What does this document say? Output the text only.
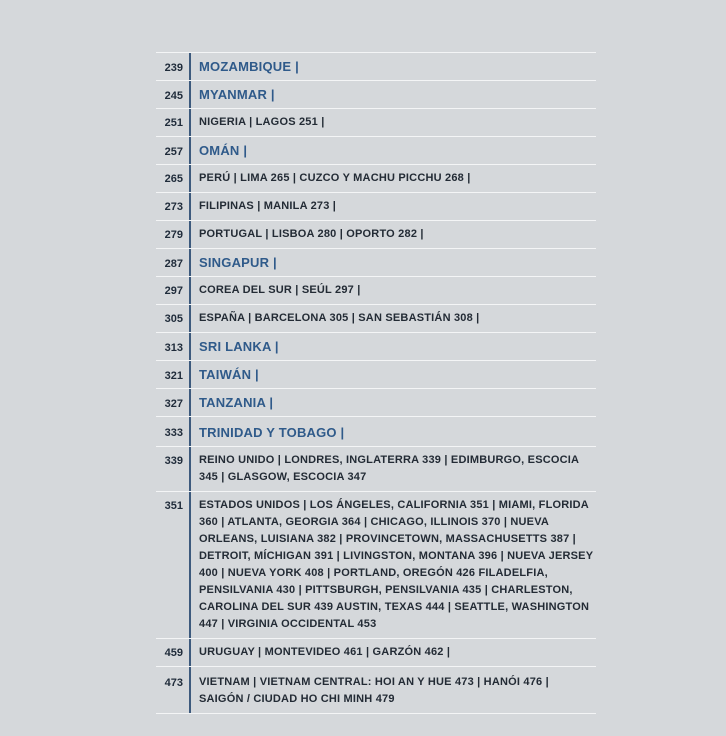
239	MOZAMBIQUE |
245	MYANMAR |
251	NIGERIA | LAGOS 251 |
257	OMÁN |
265	PERÚ | LIMA 265 | CUZCO Y MACHU PICCHU 268 |
273	FILIPINAS | MANILA 273 |
279	PORTUGAL | LISBOA 280 | OPORTO 282 |
287	SINGAPUR |
297	COREA DEL SUR | SEÚL 297 |
305	ESPAÑA | BARCELONA 305 | SAN SEBASTIÁN 308 |
313	SRI LANKA |
321	TAIWÁN |
327	TANZANIA |
333	TRINIDAD Y TOBAGO |
339	REINO UNIDO | LONDRES, INGLATERRA 339 | EDIMBURGO, ESCOCIA 345 | GLASGOW, ESCOCIA 347
351	ESTADOS UNIDOS | LOS ÁNGELES, CALIFORNIA 351 | MIAMI, FLORIDA 360 | ATLANTA, GEORGIA 364 | CHICAGO, ILLINOIS 370 | NUEVA ORLEANS, LUISIANA 382 | PROVINCETOWN, MASSACHUSETTS 387 | DETROIT, MÍCHIGAN 391 | LIVINGSTON, MONTANA 396 | NUEVA JERSEY 400 | NUEVA YORK 408 | PORTLAND, OREGÓN 426 FILADELFIA, PENSILVANIA 430 | PITTSBURGH, PENSILVANIA 435 | CHARLESTON, CAROLINA DEL SUR 439 AUSTIN, TEXAS 444 | SEATTLE, WASHINGTON 447 | VIRGINIA OCCIDENTAL 453
459	URUGUAY | MONTEVIDEO 461 | GARZÓN 462 |
473	VIETNAM | VIETNAM CENTRAL: HOI AN Y HUE 473 | HANÓI 476 | SAIGÓN / CIUDAD HO CHI MINH 479
